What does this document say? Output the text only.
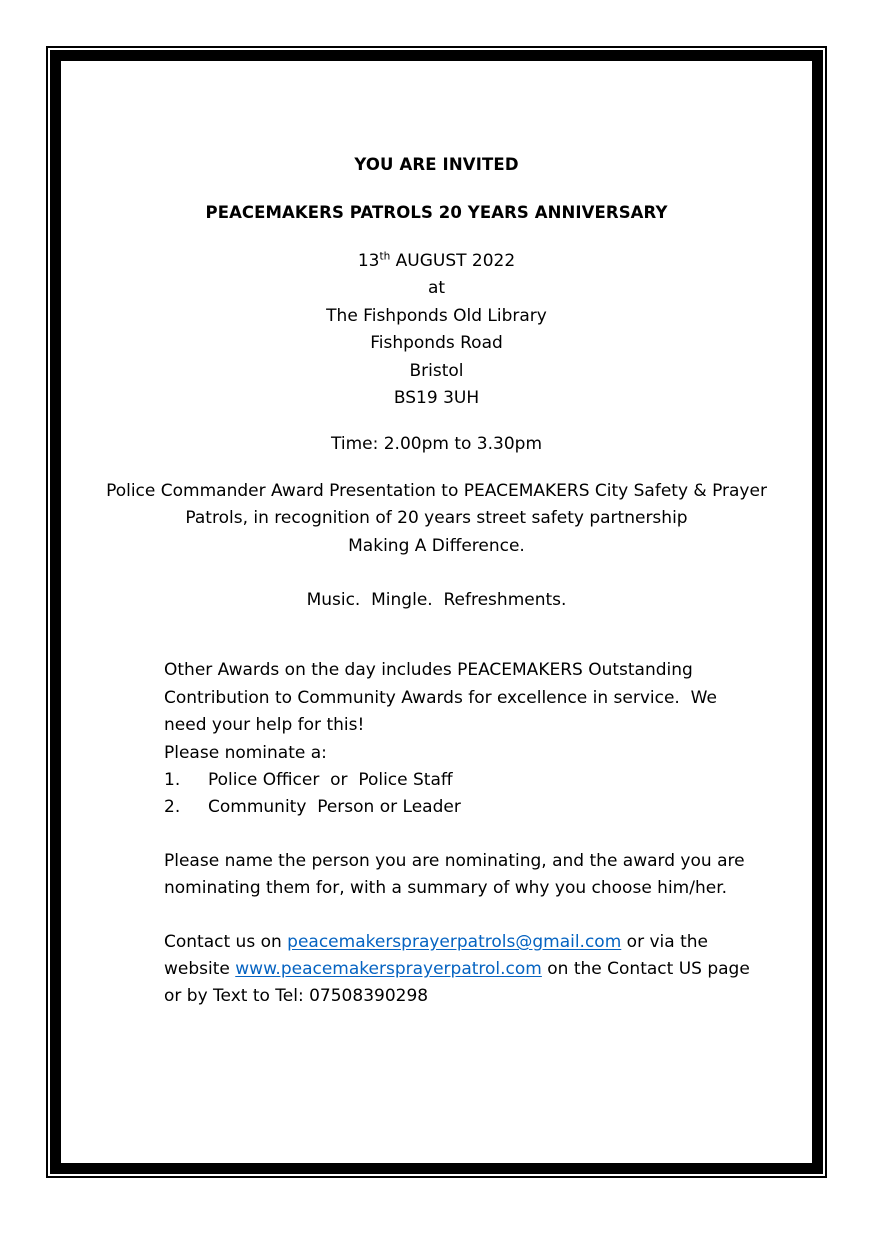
YOU ARE INVITED
PEACEMAKERS PATROLS 20 YEARS ANNIVERSARY
13th AUGUST 2022
at
The Fishponds Old Library
Fishponds Road
Bristol
BS19 3UH
Time: 2.00pm to 3.30pm
Police Commander Award Presentation to PEACEMAKERS City Safety & Prayer Patrols, in recognition of 20 years street safety partnership
Making A Difference.
Music.  Mingle.  Refreshments.
Other Awards on the day includes PEACEMAKERS Outstanding Contribution to Community Awards for excellence in service.  We need your help for this!
Please nominate a:
1.	Police Officer  or  Police Staff
2.	Community  Person or Leader
Please name the person you are nominating, and the award you are nominating them for, with a summary of why you choose him/her.
Contact us on peacemakersprayerpatrols@gmail.com or via the website www.peacemakersprayerpatrol.com on the Contact US page or by Text to Tel: 07508390298
